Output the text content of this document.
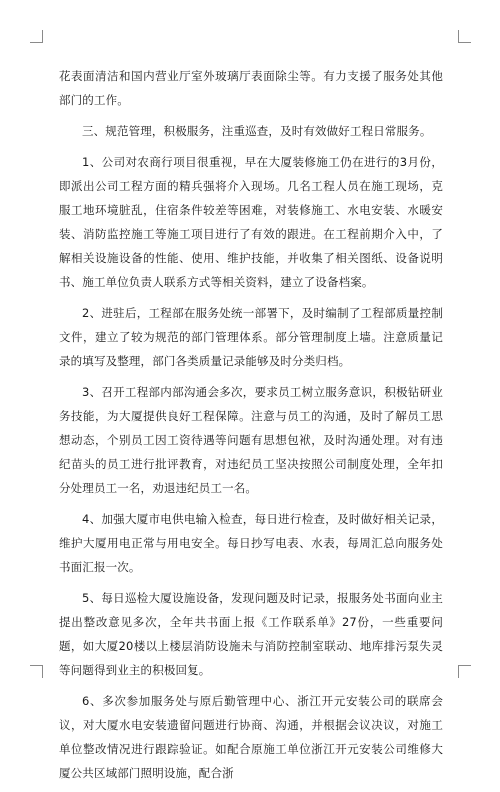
花表面清洁和国内营业厅室外玻璃厅表面除尘等。有力支援了服务处其他部门的工作。

三、规范管理，积极服务，注重巡查，及时有效做好工程日常服务。

1、公司对农商行项目很重视，早在大厦装修施工仍在进行的3月份，即派出公司工程方面的精兵强将介入现场。几名工程人员在施工现场，克服工地环境脏乱，住宿条件较差等困难，对装修施工、水电安装、水暖安装、消防监控施工等施工项目进行了有效的跟进。在工程前期介入中，了解相关设施设备的性能、使用、维护技能，并收集了相关图纸、设备说明书、施工单位负责人联系方式等相关资料，建立了设备档案。

2、进驻后，工程部在服务处统一部署下，及时编制了工程部质量控制文件，建立了较为规范的部门管理体系。部分管理制度上墙。注意质量记录的填写及整理，部门各类质量记录能够及时分类归档。

3、召开工程部内部沟通会多次，要求员工树立服务意识，积极钻研业务技能，为大厦提供良好工程保障。注意与员工的沟通，及时了解员工思想动态，个别员工因工资待遇等问题有思想包袱，及时沟通处理。对有违纪苗头的员工进行批评教育，对违纪员工坚决按照公司制度处理，全年扣分处理员工一名，劝退违纪员工一名。

4、加强大厦市电供电输入检查，每日进行检查，及时做好相关记录，维护大厦用电正常与用电安全。每日抄写电表、水表，每周汇总向服务处书面汇报一次。

5、每日巡检大厦设施设备，发现问题及时记录，报服务处书面向业主提出整改意见多次，全年共书面上报《工作联系单》27份，一些重要问题，如大厦20楼以上楼层消防设施未与消防控制室联动、地库排污泵失灵等问题得到业主的积极回复。

6、多次参加服务处与原后勤管理中心、浙江开元安装公司的联席会议，对大厦水电安装遗留问题进行协商、沟通，并根据会议决议，对施工单位整改情况进行跟踪验证。如配合原施工单位浙江开元安装公司维修大厦公共区域部门照明设施，配合浙
